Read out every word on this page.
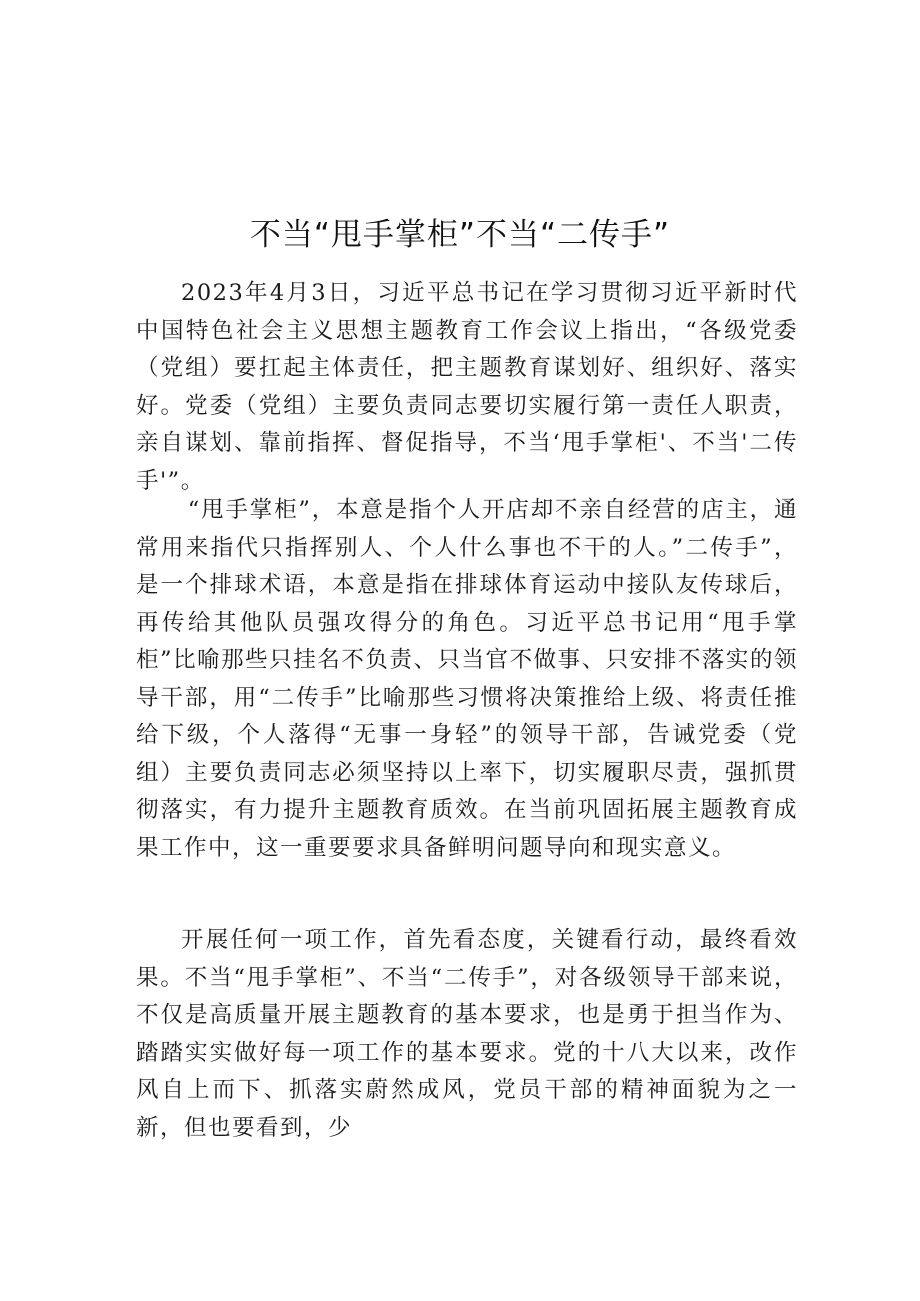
不当“甩手掌柜”不当“二传手”

2023年4月3日，习近平总书记在学习贯彻习近平新时代中国特色社会主义思想主题教育工作会议上指出，“各级党委（党组）要扛起主体责任，把主题教育谋划好、组织好、落实好。党委（党组）主要负责同志要切实履行第一责任人职责，亲自谋划、靠前指挥、督促指导，不当‘甩手掌柜'、不当'二传手'”。

“甩手掌柜”，本意是指个人开店却不亲自经营的店主，通常用来指代只指挥别人、个人什么事也不干的人。”二传手”，是一个排球术语，本意是指在排球体育运动中接队友传球后，再传给其他队员强攻得分的角色。习近平总书记用“甩手掌柜”比喻那些只挂名不负责、只当官不做事、只安排不落实的领导干部，用“二传手”比喻那些习惯将决策推给上级、将责任推给下级，个人落得“无事一身轻”的领导干部，告诫党委（党组）主要负责同志必须坚持以上率下，切实履职尽责，强抓贯彻落实，有力提升主题教育质效。在当前巩固拓展主题教育成果工作中，这一重要要求具备鲜明问题导向和现实意义。

开展任何一项工作，首先看态度，关键看行动，最终看效果。不当“甩手掌柜”、不当“二传手”，对各级领导干部来说，不仅是高质量开展主题教育的基本要求，也是勇于担当作为、踏踏实实做好每一项工作的基本要求。党的十八大以来，改作风自上而下、抓落实蔚然成风，党员干部的精神面貌为之一新，但也要看到，少
